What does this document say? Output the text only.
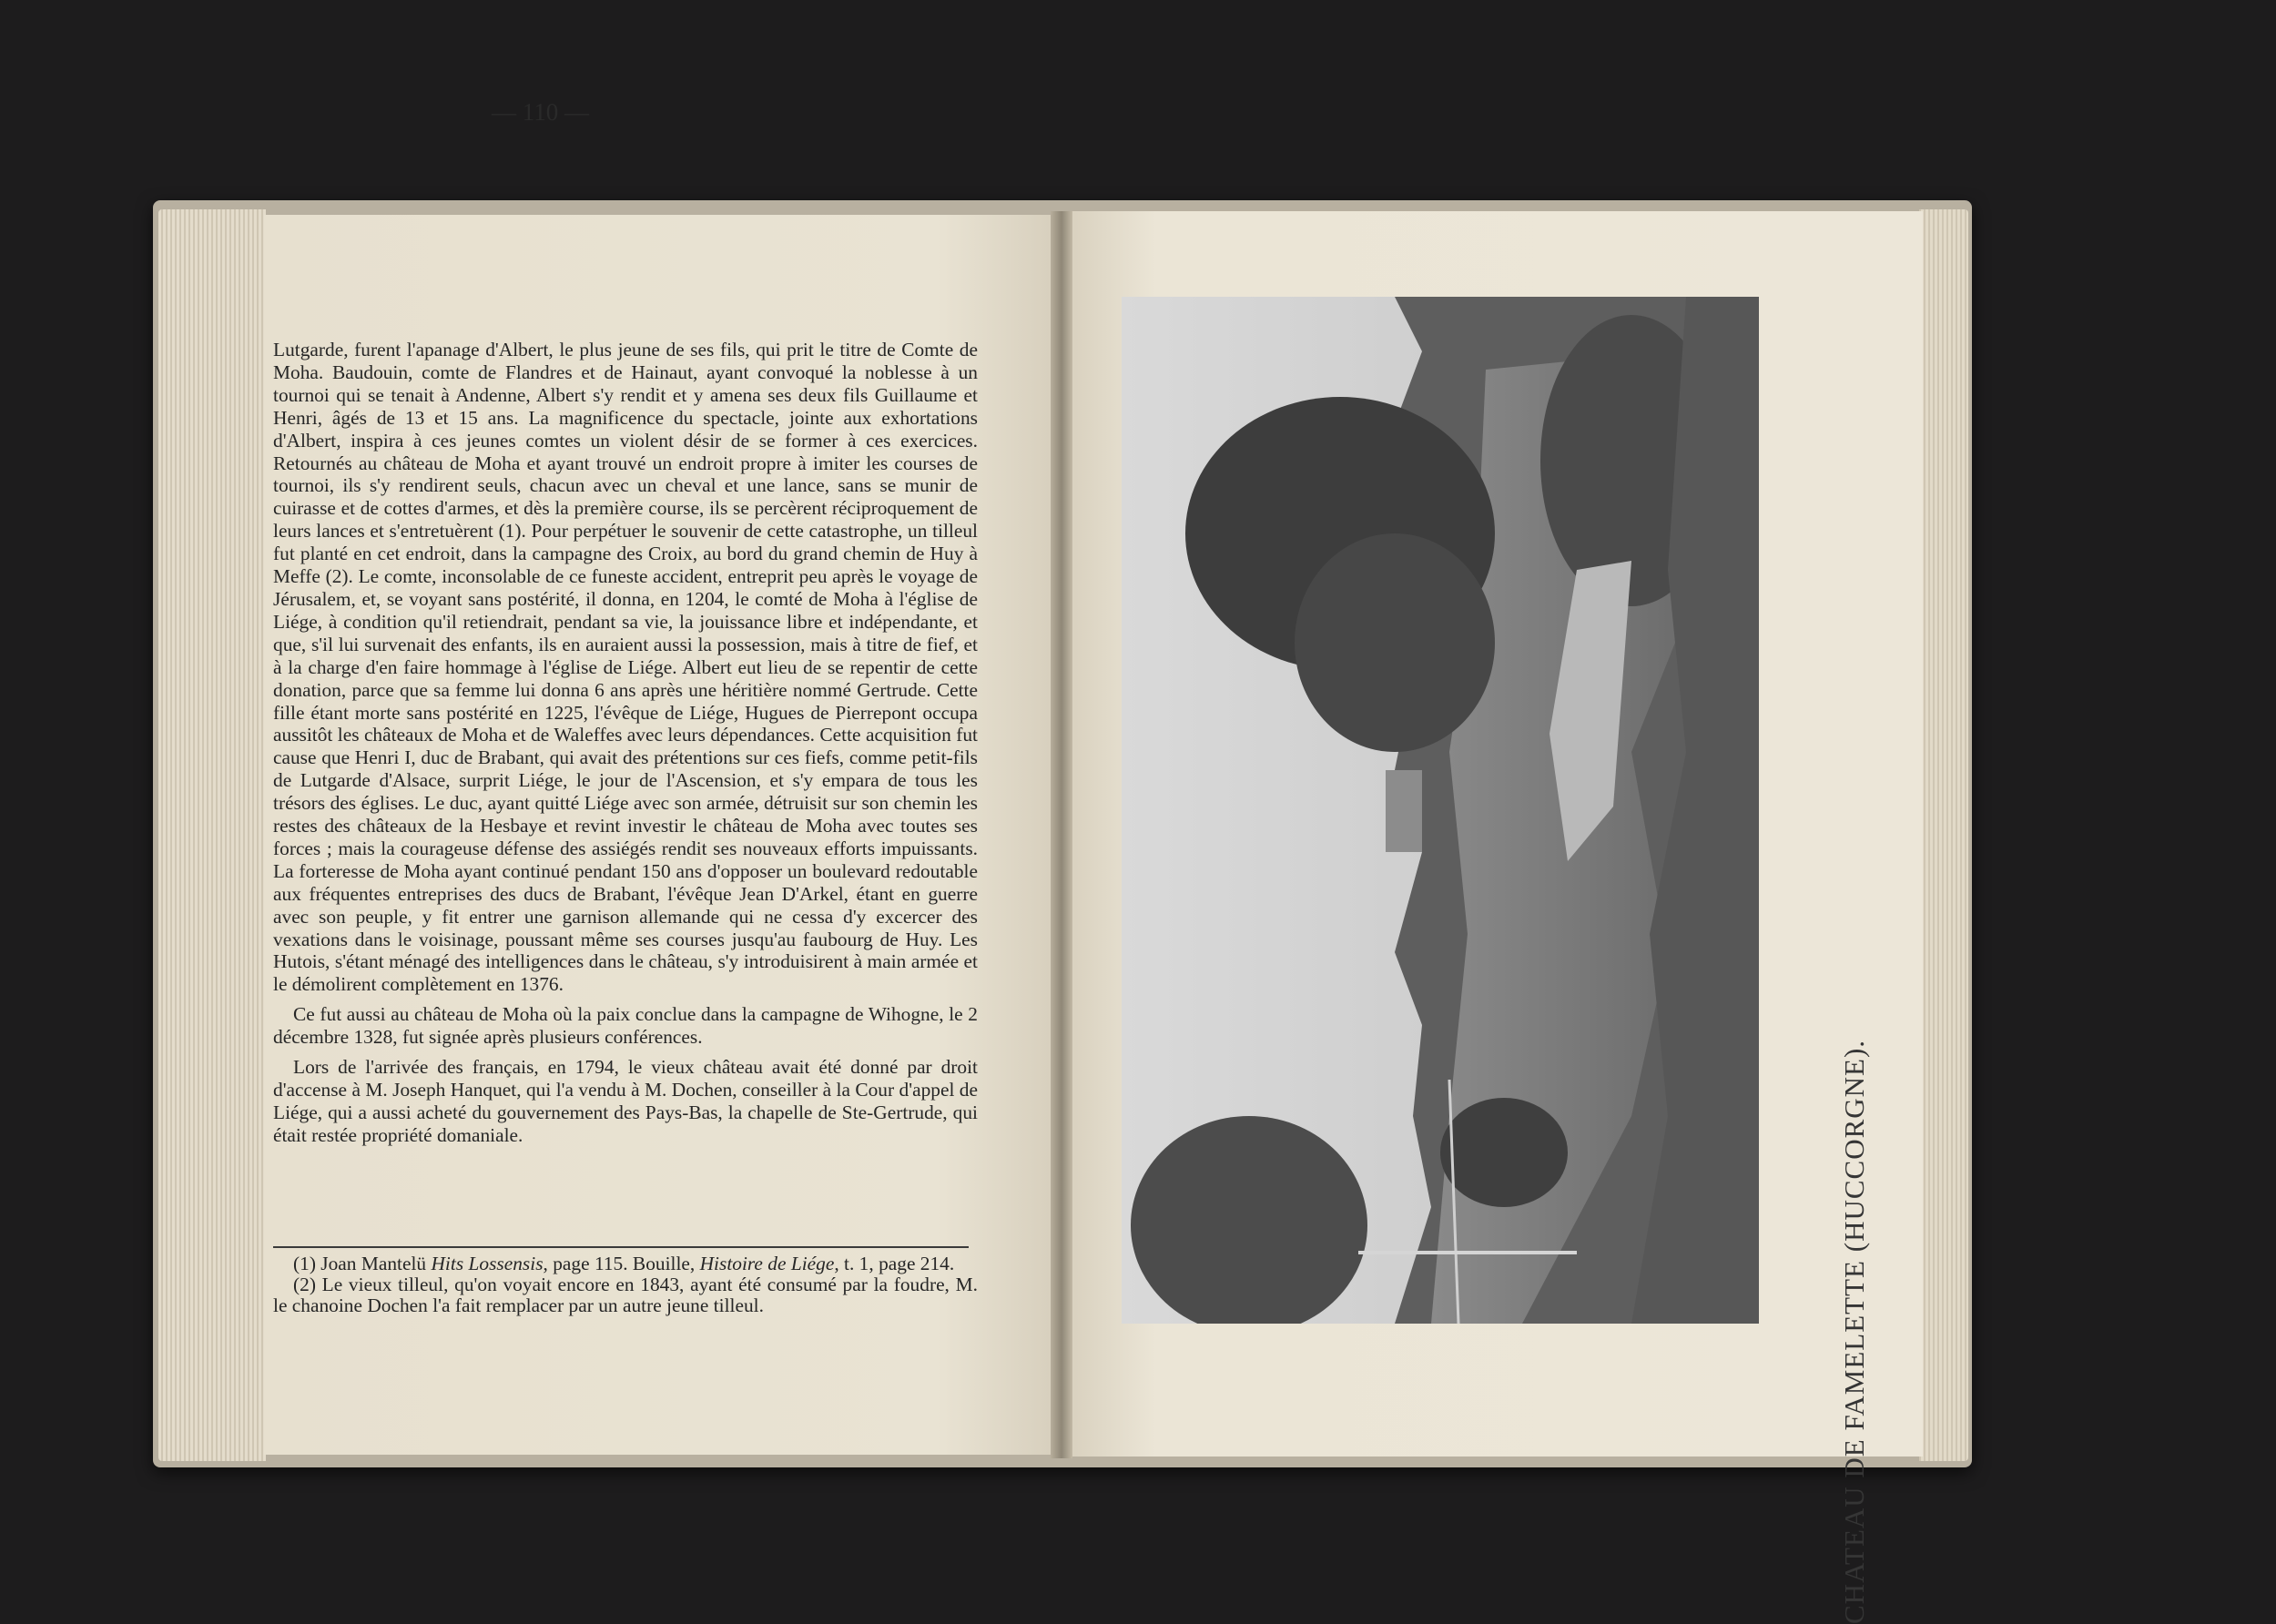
— 110 —

Lutgarde, furent l'apanage d'Albert, le plus jeune de ses fils, qui prit le titre de Comte de Moha. Baudouin, comte de Flandres et de Hainaut, ayant convoqué la noblesse à un tournoi qui se tenait à Andenne, Albert s'y rendit et y amena ses deux fils Guillaume et Henri, âgés de 13 et 15 ans. La magnificence du spectacle, jointe aux exhortations d'Albert, inspira à ces jeunes comtes un violent désir de se former à ces exercices. Retournés au château de Moha et ayant trouvé un endroit propre à imiter les courses de tournoi, ils s'y rendirent seuls, chacun avec un cheval et une lance, sans se munir de cuirasse et de cottes d'armes, et dès la première course, ils se percèrent réciproquement de leurs lances et s'entretuèrent (1). Pour perpétuer le souvenir de cette catastrophe, un tilleul fut planté en cet endroit, dans la campagne des Croix, au bord du grand chemin de Huy à Meffe (2). Le comte, inconsolable de ce funeste accident, entreprit peu après le voyage de Jérusalem, et, se voyant sans postérité, il donna, en 1204, le comté de Moha à l'église de Liége, à condition qu'il retiendrait, pendant sa vie, la jouissance libre et indépendante, et que, s'il lui survenait des enfants, ils en auraient aussi la possession, mais à titre de fief, et à la charge d'en faire hommage à l'église de Liége. Albert eut lieu de se repentir de cette donation, parce que sa femme lui donna 6 ans après une héritière nommé Gertrude. Cette fille étant morte sans postérité en 1225, l'évêque de Liége, Hugues de Pierrepont occupa aussitôt les châteaux de Moha et de Waleffes avec leurs dépendances. Cette acquisition fut cause que Henri I, duc de Brabant, qui avait des prétentions sur ces fiefs, comme petit-fils de Lutgarde d'Alsace, surprit Liége, le jour de l'Ascension, et s'y empara de tous les trésors des églises. Le duc, ayant quitté Liége avec son armée, détruisit sur son chemin les restes des châteaux de la Hesbaye et revint investir le château de Moha avec toutes ses forces ; mais la courageuse défense des assiégés rendit ses nouveaux efforts impuissants. La forteresse de Moha ayant continué pendant 150 ans d'opposer un boulevard redoutable aux fréquentes entreprises des ducs de Brabant, l'évêque Jean D'Arkel, étant en guerre avec son peuple, y fit entrer une garnison allemande qui ne cessa d'y excercer des vexations dans le voisinage, poussant même ses courses jusqu'au faubourg de Huy. Les Hutois, s'étant ménagé des intelligences dans le château, s'y introduisirent à main armée et le démolirent complètement en 1376.

Ce fut aussi au château de Moha où la paix conclue dans la campagne de Wihogne, le 2 décembre 1328, fut signée après plusieurs conférences.

Lors de l'arrivée des français, en 1794, le vieux château avait été donné par droit d'accense à M. Joseph Hanquet, qui l'a vendu à M. Dochen, conseiller à la Cour d'appel de Liége, qui a aussi acheté du gouvernement des Pays-Bas, la chapelle de Ste-Gertrude, qui était restée propriété domaniale.

(1) Joan Mantelü Hits Lossensis, page 115. Bouille, Histoire de Liége, t. 1, page 214.

(2) Le vieux tilleul, qu'on voyait encore en 1843, ayant été consumé par la foudre, M. le chanoine Dochen l'a fait remplacer par un autre jeune tilleul.	CHATEAU DE FAMELETTE (HUCCORGNE).
